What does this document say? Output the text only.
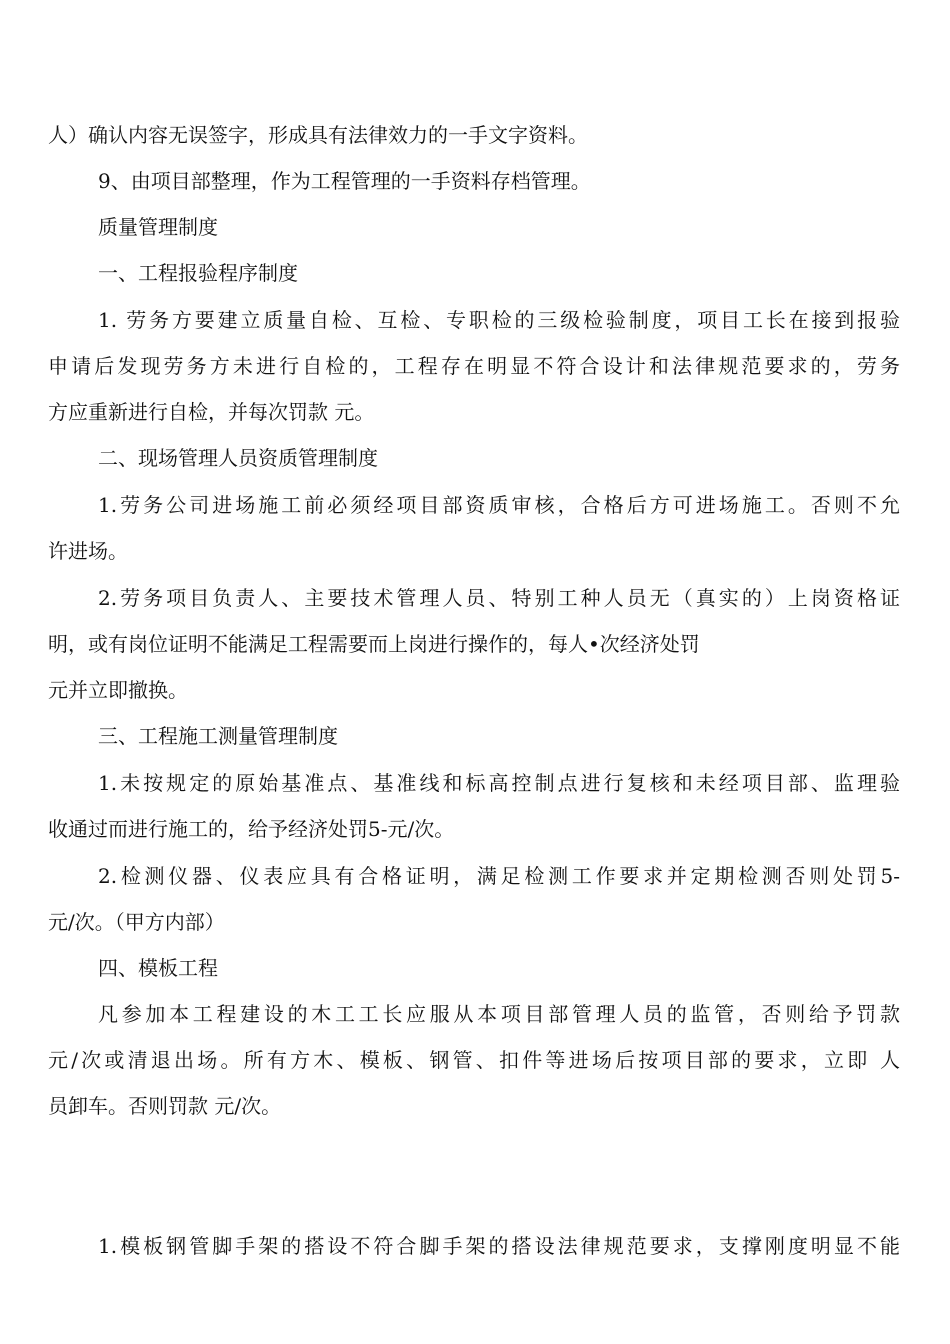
人）确认内容无误签字，形成具有法律效力的一手文字资料。
9、由项目部整理，作为工程管理的一手资料存档管理。
质量管理制度
一、工程报验程序制度
1. 劳务方要建立质量自检、互检、专职检的三级检验制度，项目工长在接到报验
申请后发现劳务方未进行自检的，工程存在明显不符合设计和法律规范要求的，劳务
方应重新进行自检，并每次罚款 元。
二、现场管理人员资质管理制度
1.劳务公司进场施工前必须经项目部资质审核，合格后方可进场施工。否则不允
许进场。
2.劳务项目负责人、主要技术管理人员、特别工种人员无（真实的）上岗资格证
明，或有岗位证明不能满足工程需要而上岗进行操作的，每人•次经济处罚
元并立即撤换。
三、工程施工测量管理制度
1.未按规定的原始基准点、基准线和标高控制点进行复核和未经项目部、监理验
收通过而进行施工的，给予经济处罚5-元/次。
2.检测仪器、仪表应具有合格证明，满足检测工作要求并定期检测否则处罚5-
元/次。（甲方内部）
四、模板工程
凡参加本工程建设的木工工长应服从本项目部管理人员的监管，否则给予罚款
元/次或清退出场。所有方木、模板、钢管、扣件等进场后按项目部的要求，立即 人
员卸车。否则罚款 元/次。
1.模板钢管脚手架的搭设不符合脚手架的搭设法律规范要求，支撑刚度明显不能
